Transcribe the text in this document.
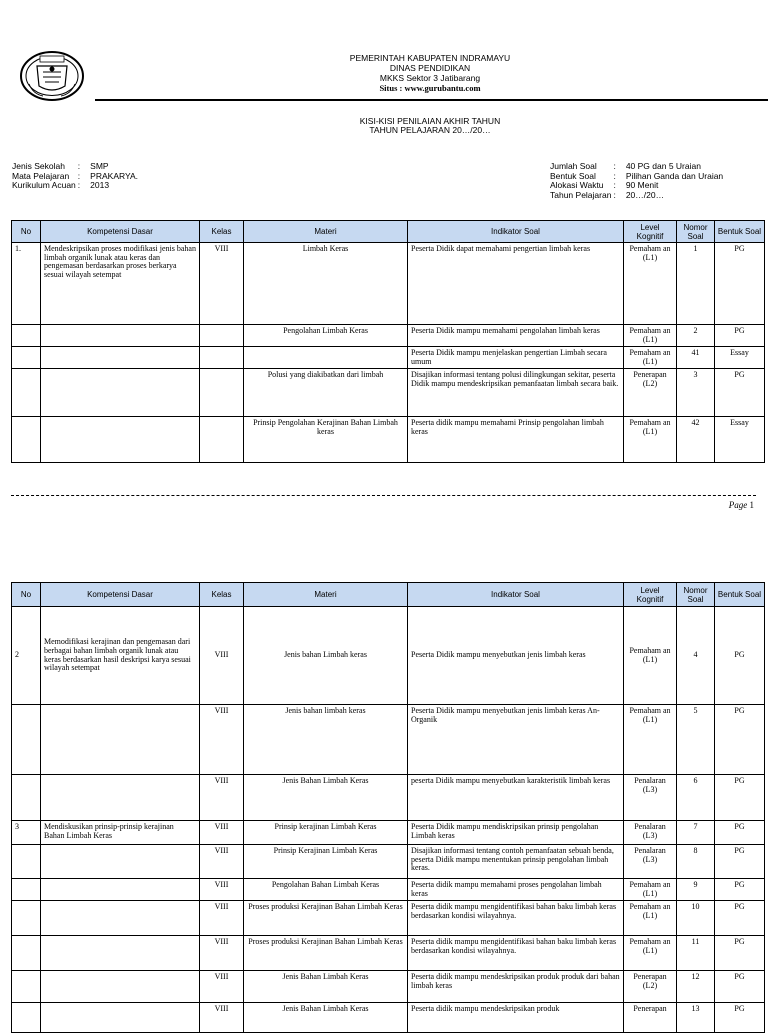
PEMERINTAH KABUPATEN INDRAMAYU
DINAS PENDIDIKAN
MKKS Sektor 3 Jatibarang
Situs : www.gurubantu.com
KISI-KISI PENILAIAN AKHIR TAHUN
TAHUN PELAJARAN 20…/20…
Jenis Sekolah	:	SMP
Mata Pelajaran	:	PRAKARYA.
Kurikulum Acuan	:	2013
Jumlah Soal	:	40 PG dan 5 Uraian
Bentuk Soal	:	Pilihan Ganda dan Uraian
Alokasi Waktu	:	90 Menit
Tahun Pelajaran	:	20…/20…
No	Kompetensi Dasar	Kelas	Materi	Indikator Soal	Level Kognitif	Nomor Soal	Bentuk Soal
1.	Mendeskripsikan proses modifikasi jenis bahan limbah organik lunak atau keras dan pengemasan berdasarkan proses berkarya sesuai wilayah setempat	VIII	Limbah Keras	Peserta Didik dapat memahami pengertian limbah keras	Pemaham an (L1)	1	PG
			Pengolahan Limbah Keras	Peserta Didik mampu memahami pengolahan limbah keras	Pemaham an (L1)	2	PG
				Peserta Didik mampu menjelaskan pengertian Limbah secara umum	Pemaham an (L1)	41	Essay
			Polusi yang diakibatkan dari limbah	Disajikan informasi tentang polusi dilingkungan sekitar, peserta Didik mampu mendeskripsikan pemanfaatan limbah secara baik.	Penerapan (L2)	3	PG
			Prinsip Pengolahan Kerajinan Bahan Limbah keras	Peserta didik mampu memahami Prinsip pengolahan limbah keras	Pemaham an (L1)	42	Essay
Page 1
No	Kompetensi Dasar	Kelas	Materi	Indikator Soal	Level Kognitif	Nomor Soal	Bentuk Soal
2	Memodifikasi kerajinan dan pengemasan dari berbagai bahan limbah organik lunak atau keras berdasarkan hasil deskripsi karya sesuai wilayah setempat	VIII	Jenis bahan Limbah keras	Peserta Didik mampu menyebutkan jenis limbah keras	Pemaham an (L1)	4	PG
		VIII	Jenis bahan limbah keras	Peserta Didik mampu menyebutkan jenis limbah keras An-Organik	Pemaham an (L1)	5	PG
		VIII	Jenis Bahan Limbah Keras	peserta Didik mampu menyebutkan karakteristik limbah keras	Penalaran (L3)	6	PG
3	Mendiskusikan prinsip-prinsip kerajinan Bahan Limbah Keras	VIII	Prinsip kerajinan Limbah Keras	Peserta Didik mampu mendiskripsikan prinsip pengolahan Limbah keras	Penalaran (L3)	7	PG
		VIII	Prinsip Kerajinan Limbah Keras	Disajikan informasi tentang contoh pemanfaatan sebuah benda, peserta Didik mampu menentukan prinsip pengolahan limbah keras.	Penalaran (L3)	8	PG
		VIII	Pengolahan Bahan Limbah Keras	Peserta didik mampu memahami proses pengolahan limbah keras	Pemaham an (L1)	9	PG
		VIII	Proses produksi Kerajinan Bahan Limbah Keras	Peserta didik mampu mengidentifikasi bahan baku limbah keras berdasarkan kondisi wilayahnya.	Pemaham an (L1)	10	PG
		VIII	Proses produksi Kerajinan Bahan Limbah Keras	Peserta didik mampu mengidentifikasi bahan baku limbah keras berdasarkan kondisi wilayahnya.	Pemaham an (L1)	11	PG
		VIII	Jenis Bahan Limbah Keras	Peserta didik mampu mendeskripsikan produk produk dari bahan limbah keras	Penerapan (L2)	12	PG
		VIII	Jenis Bahan Limbah Keras	Peserta didik mampu mendeskripsikan produk	Penerapan	13	PG
